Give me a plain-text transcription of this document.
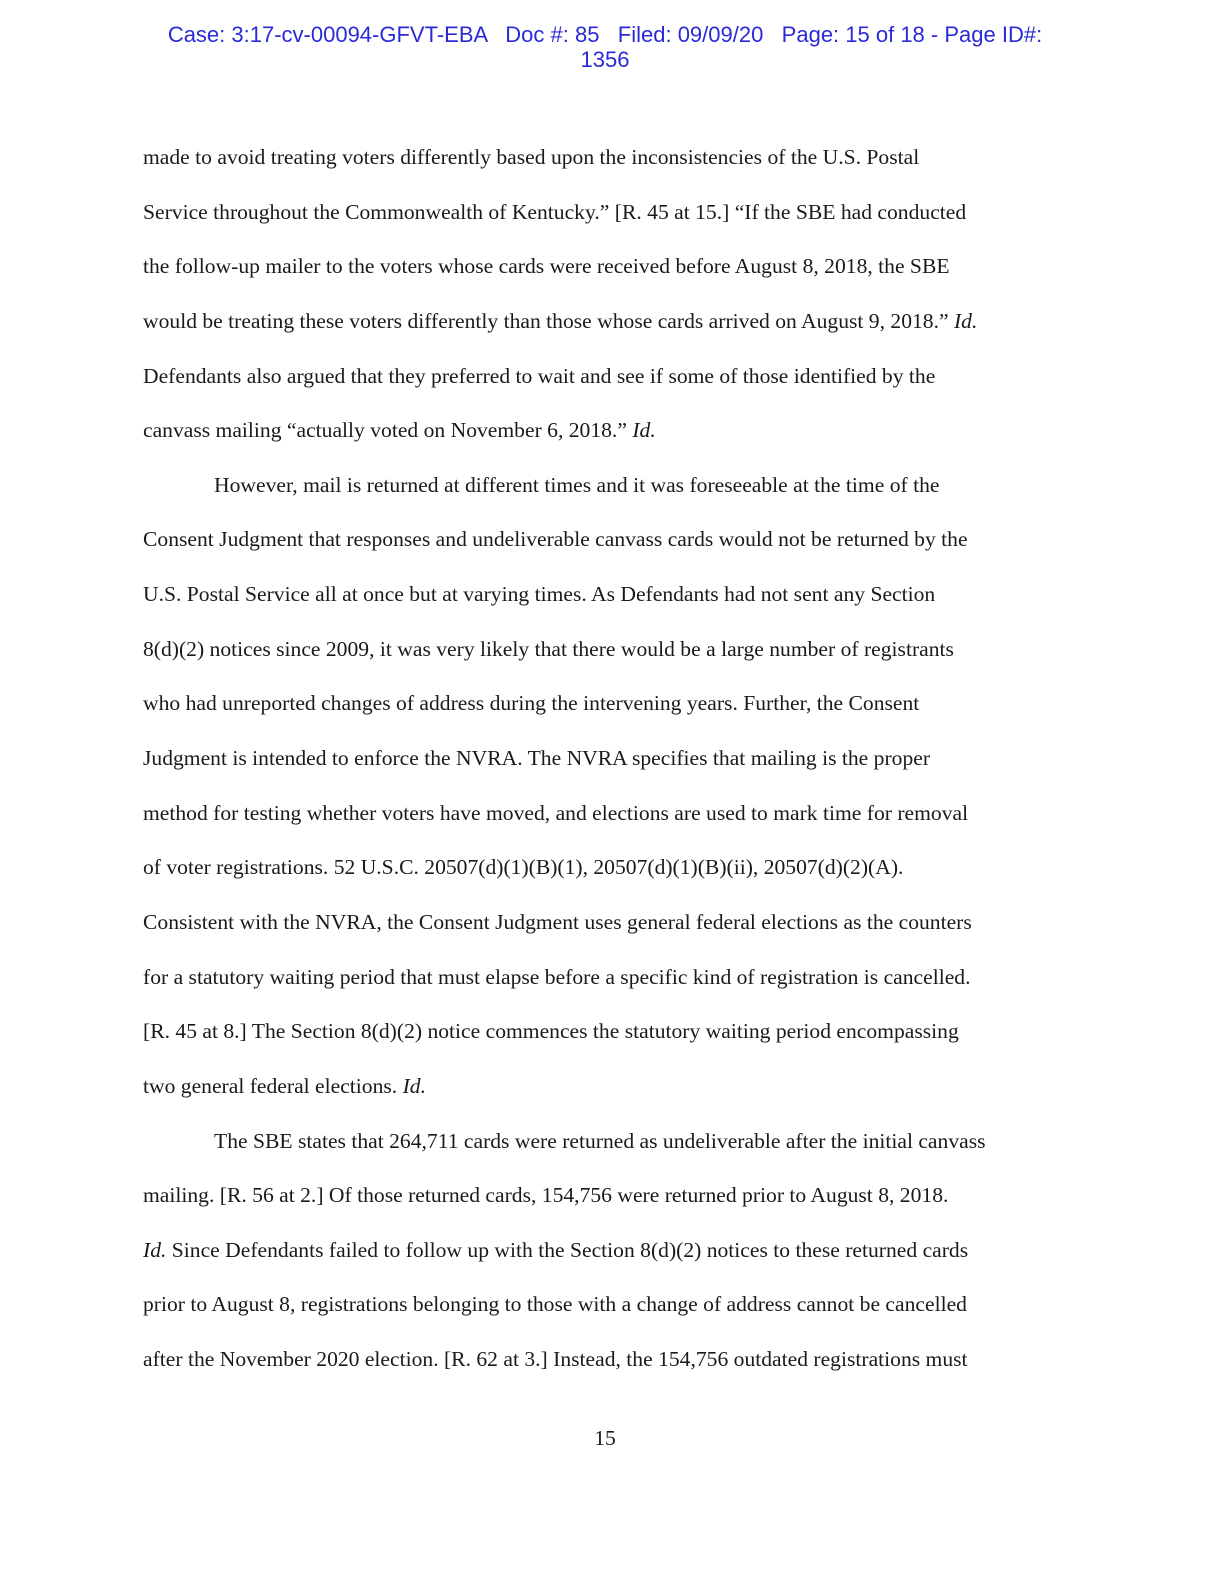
Case: 3:17-cv-00094-GFVT-EBA   Doc #: 85   Filed: 09/09/20   Page: 15 of 18 - Page ID#:
1356
made to avoid treating voters differently based upon the inconsistencies of the U.S. Postal
Service throughout the Commonwealth of Kentucky.” [R. 45 at 15.] “If the SBE had conducted
the follow-up mailer to the voters whose cards were received before August 8, 2018, the SBE
would be treating these voters differently than those whose cards arrived on August 9, 2018.” Id.
Defendants also argued that they preferred to wait and see if some of those identified by the
canvass mailing “actually voted on November 6, 2018.” Id.
However, mail is returned at different times and it was foreseeable at the time of the
Consent Judgment that responses and undeliverable canvass cards would not be returned by the
U.S. Postal Service all at once but at varying times. As Defendants had not sent any Section
8(d)(2) notices since 2009, it was very likely that there would be a large number of registrants
who had unreported changes of address during the intervening years. Further, the Consent
Judgment is intended to enforce the NVRA. The NVRA specifies that mailing is the proper
method for testing whether voters have moved, and elections are used to mark time for removal
of voter registrations. 52 U.S.C. 20507(d)(1)(B)(1), 20507(d)(1)(B)(ii), 20507(d)(2)(A).
Consistent with the NVRA, the Consent Judgment uses general federal elections as the counters
for a statutory waiting period that must elapse before a specific kind of registration is cancelled.
[R. 45 at 8.] The Section 8(d)(2) notice commences the statutory waiting period encompassing
two general federal elections. Id.
The SBE states that 264,711 cards were returned as undeliverable after the initial canvass
mailing. [R. 56 at 2.] Of those returned cards, 154,756 were returned prior to August 8, 2018.
Id. Since Defendants failed to follow up with the Section 8(d)(2) notices to these returned cards
prior to August 8, registrations belonging to those with a change of address cannot be cancelled
after the November 2020 election. [R. 62 at 3.] Instead, the 154,756 outdated registrations must
15
